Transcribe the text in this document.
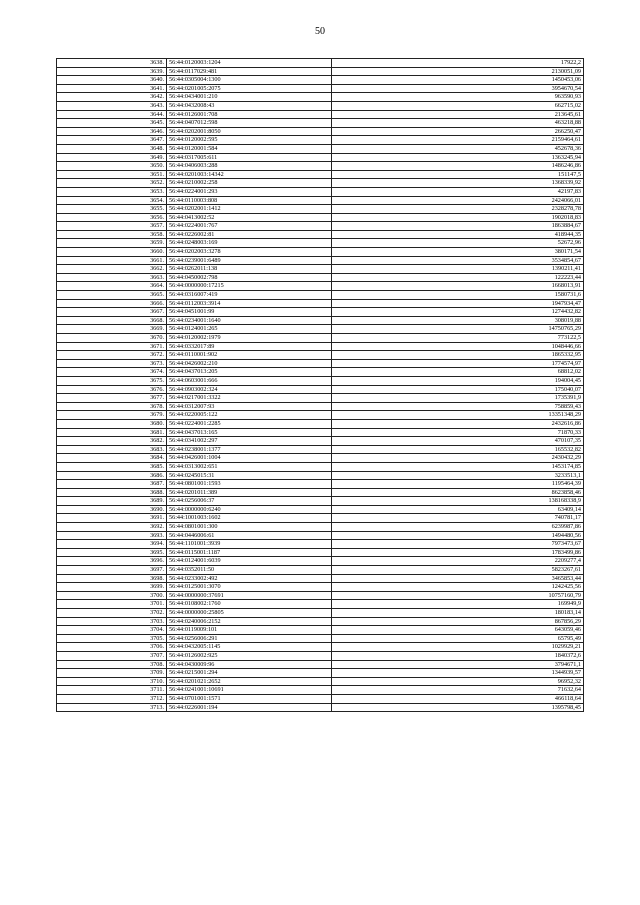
50
3638.	56:44:0120003:1204	17922,2
3639.	56:44:0117029:481	2130051,09
3640.	56:44:0305004:1300	1450453,06
3641.	56:44:0201005:2075	3954670,54
3642.	56:44:0434001:210	963590,93
3643.	56:44:0432008:43	662715,02
3644.	56:44:0126001:708	213645,61
3645.	56:44:0407012:598	463218,88
3646.	56:44:0202001:8050	266250,47
3647.	56:44:0120002:595	2159464,61
3648.	56:44:0120001:584	452678,36
3649.	56:44:0317005:611	1363245,94
3650.	56:44:0406003:288	1486246,86
3651.	56:44:0201003:14342	151147,5
3652.	56:44:0210002:258	1368339,92
3653.	56:44:0224001:293	42197,83
3654.	56:44:0110003:808	2424066,01
3655.	56:44:0202001:1412	2328278,78
3656.	56:44:0413002:52	1902018,83
3657.	56:44:0224001:767	1863884,67
3658.	56:44:0226002:81	418944,35
3659.	56:44:0248003:169	52672,96
3660.	56:44:0202003:3278	380171,54
3661.	56:44:0239001:6489	3534854,67
3662.	56:44:0262011:138	1390211,41
3663.	56:44:0450002:798	122223,44
3664.	56:44:0000000:17215	1668013,91
3665.	56:44:0316007:419	1580731,6
3666.	56:44:0112003:3914	1947934,47
3667.	56:44:0451001:99	1274432,82
3668.	56:44:0234001:1640	308019,88
3669.	56:44:0124001:265	14750765,29
3670.	56:44:0120002:1979	773122,5
3671.	56:44:0332017:89	1048446,66
3672.	56:44:0110001:902	1865332,95
3673.	56:44:0426002:210	1774574,97
3674.	56:44:0437013:205	68812,02
3675.	56:44:0603001:666	194004,45
3676.	56:44:0903002:324	175040,07
3677.	56:44:0217001:3322	1735391,9
3678.	56:44:0312007:93	758859,43
3679.	56:44:0220005:122	13351348,29
3680.	56:44:0224001:2285	2432616,86
3681.	56:44:0437013:165	71870,33
3682.	56:44:0341002:297	470107,35
3683.	56:44:0238001:1377	165532,82
3684.	56:44:0426001:1004	2430432,29
3685.	56:44:0313002:651	1453174,85
3686.	56:44:0245015:31	3233513,1
3687.	56:44:0801001:1593	1195464,39
3688.	56:44:0201011:389	8623858,46
3689.	56:44:0256006:37	138168338,9
3690.	56:44:0000000:6240	63409,14
3691.	56:44:1001003:1602	740781,17
3692.	56:44:0801001:300	6239987,86
3693.	56:44:0446006:61	1494480,56
3694.	56:44:1101001:3939	7973473,67
3695.	56:44:0115001:1187	1783499,86
3696.	56:44:0124001:6039	2209277,4
3697.	56:44:0352011:50	5823267,61
3698.	56:44:0233002:492	3465853,44
3699.	56:44:0125001:3070	1242425,56
3700.	56:44:0000000:37691	10757160,79
3701.	56:44:0108002:1760	169949,9
3702.	56:44:0000000:25805	180183,14
3703.	56:44:0240006:2152	867856,29
3704.	56:44:0119009:101	643059,46
3705.	56:44:0256006:291	65795,49
3706.	56:44:0432005:1145	1029929,21
3707.	56:44:0126002:925	1840372,6
3708.	56:44:0430009:96	3794671,1
3709.	56:44:0215001:294	1344939,57
3710.	56:44:0201021:2652	96952,32
3711.	56:44:0241001:10691	71632,64
3712.	56:44:0701001:1571	466118,64
3713.	56:44:0226001:194	1395798,45
